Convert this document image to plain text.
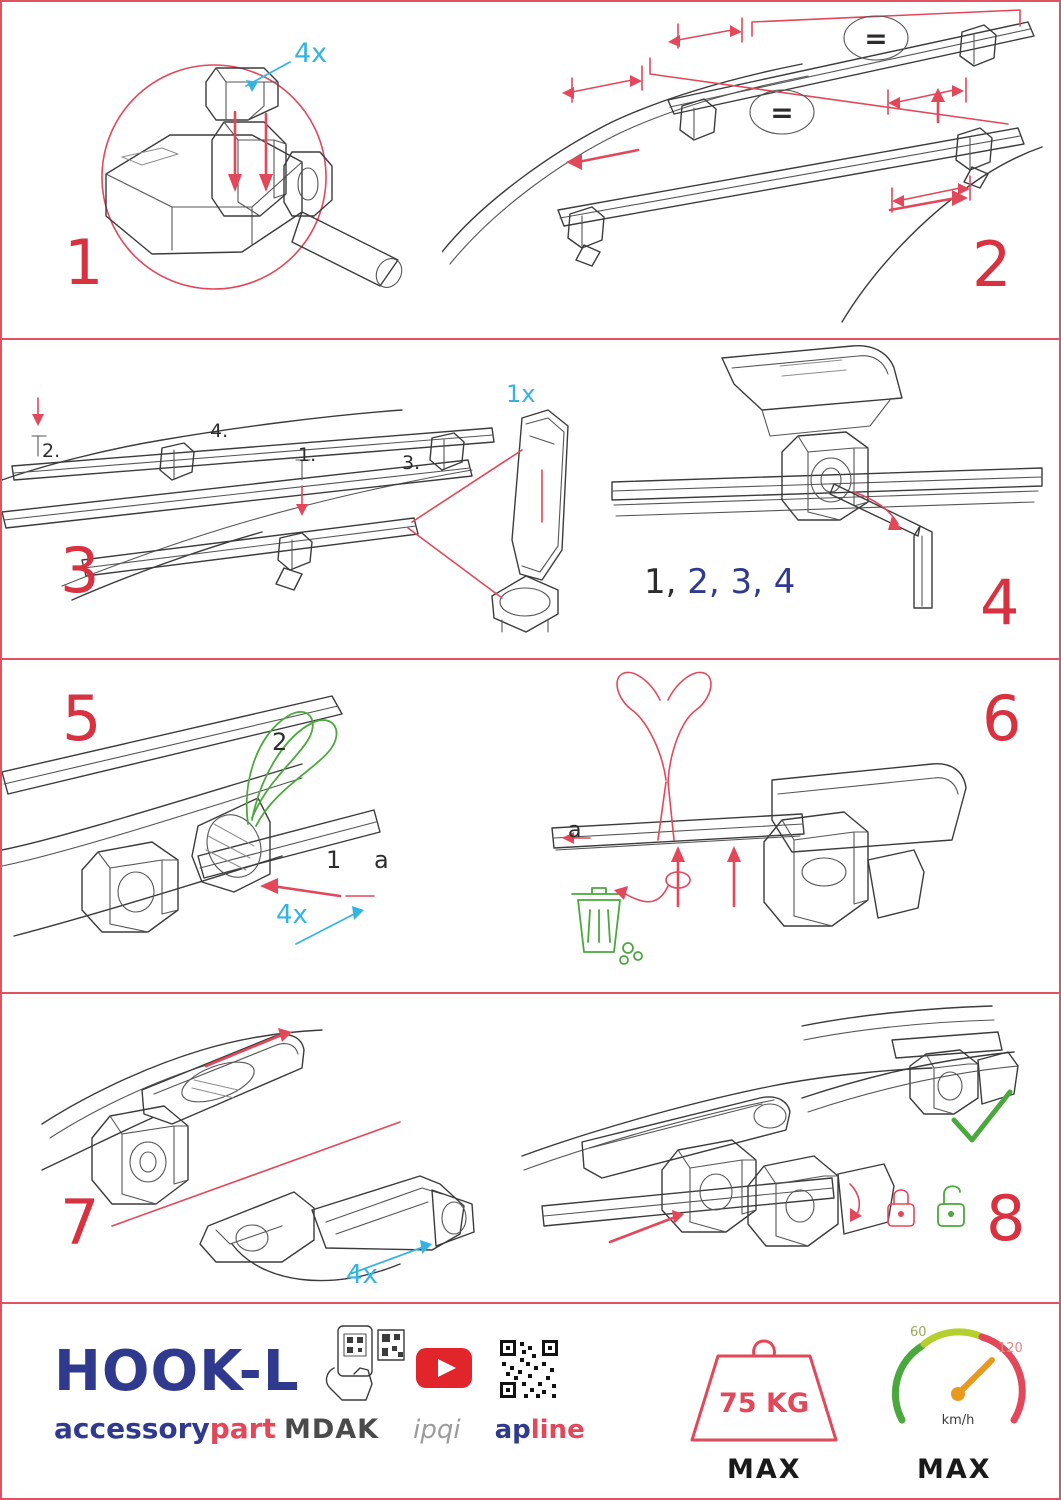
1
4x	=
=
2
3
1.
2.
3.
4.
1x
4
1, 2, 3, 4
5
1
2
a
4x
6
a
7
4x
8
HOOK-L
accessorypart MDAK ipqi apline
75 KG
MAX
60
120
km/h
MAX
